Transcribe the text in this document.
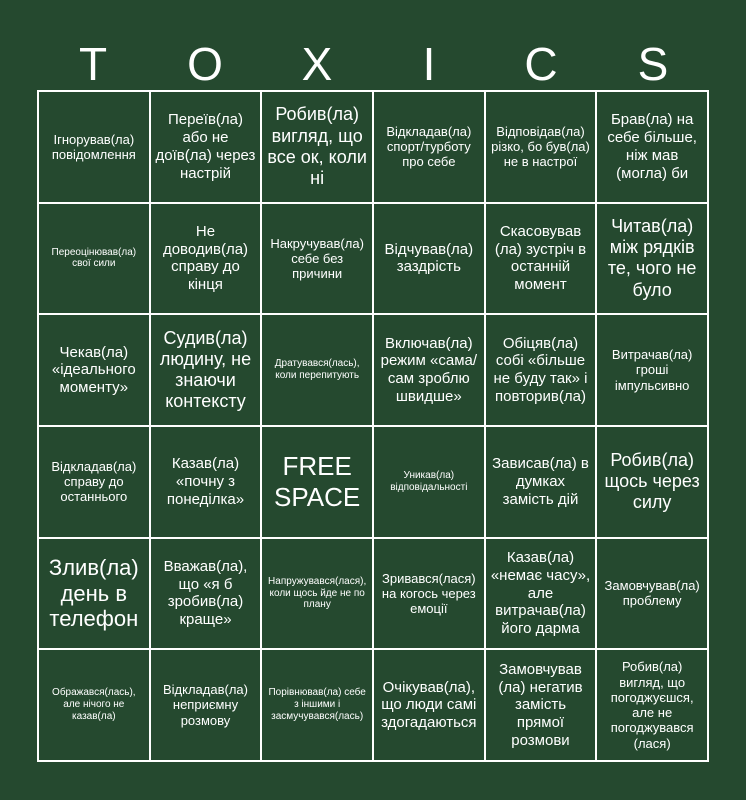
T	O	X	I	C	S
Ігнорував(ла) повідомлення
Переїв(ла) або не доїв(ла) через настрій
Робив(ла) вигляд, що все ок, коли ні
Відкладав(ла) спорт/турботу про себе
Відповідав(ла) різко, бо був(ла) не в настрої
Брав(ла) на себе більше, ніж мав (могла) би
Переоцінював(ла) свої сили
Не доводив(ла) справу до кінця
Накручував(ла) себе без причини
Відчував(ла) заздрість
Скасовував (ла) зустріч в останній момент
Читав(ла) між рядків те, чого не було
Чекав(ла) «ідеального моменту»
Судив(ла) людину, не знаючи контексту
Дратувався(лась), коли перепитують
Включав(ла) режим «сама/сам зроблю швидше»
Обіцяв(ла) собі «більше не буду так» і повторив(ла)
Витрачав(ла) гроші імпульсивно
Відкладав(ла) справу до останнього
Казав(ла) «почну з понеділка»
FREE SPACE
Уникав(ла) відповідальності
Зависав(ла) в думках замість дій
Робив(ла) щось через силу
Злив(ла) день в телефон
Вважав(ла), що «я б зробив(ла) краще»
Напружувався(лася), коли щось йде не по плану
Зривався(лася) на когось через емоції
Казав(ла) «немає часу», але витрачав(ла) його дарма
Замовчував(ла) проблему
Ображався(лась), але нічого не казав(ла)
Відкладав(ла) неприємну розмову
Порівнював(ла) себе з іншими і засмучувався(лась)
Очікував(ла), що люди самі здогадаються
Замовчував (ла) негатив замість прямої розмови
Робив(ла) вигляд, що погоджуєшся, але не погоджувався (лася)
